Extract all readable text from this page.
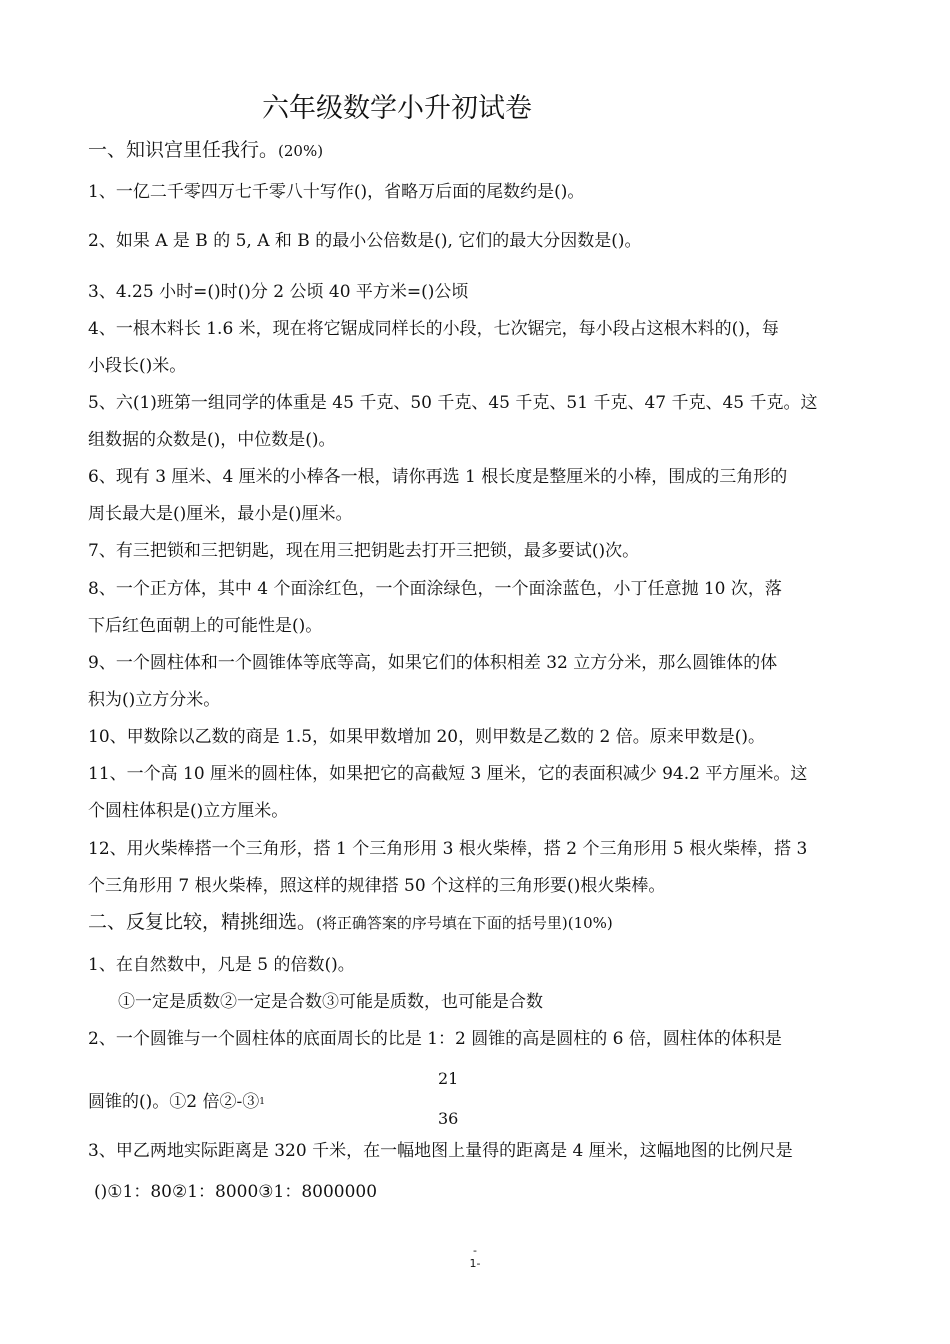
六年级数学小升初试卷
一、知识宫里任我行。(20%)
1、一亿二千零四万七千零八十写作()，省略万后面的尾数约是()。
2、如果 A 是 B 的 5, A 和 B 的最小公倍数是(), 它们的最大分因数是()。
3、4.25 小时=()时()分 2 公顷 40 平方米=()公顷
4、一根木料长 1.6 米，现在将它锯成同样长的小段，七次锯完，每小段占这根木料的()，每
小段长()米。
5、六(1)班第一组同学的体重是 45 千克、50 千克、45 千克、51 千克、47 千克、45 千克。这
组数据的众数是()，中位数是()。
6、现有 3 厘米、4 厘米的小棒各一根，请你再选 1 根长度是整厘米的小棒，围成的三角形的
周长最大是()厘米，最小是()厘米。
7、有三把锁和三把钥匙，现在用三把钥匙去打开三把锁，最多要试()次。
8、一个正方体，其中 4 个面涂红色，一个面涂绿色，一个面涂蓝色，小丁任意抛 10 次，落
下后红色面朝上的可能性是()。
9、一个圆柱体和一个圆锥体等底等高，如果它们的体积相差 32 立方分米，那么圆锥体的体
积为()立方分米。
10、甲数除以乙数的商是 1.5，如果甲数增加 20，则甲数是乙数的 2 倍。原来甲数是()。
11、一个高 10 厘米的圆柱体，如果把它的高截短 3 厘米，它的表面积减少 94.2 平方厘米。这
个圆柱体积是()立方厘米。
12、用火柴棒搭一个三角形，搭 1 个三角形用 3 根火柴棒，搭 2 个三角形用 5 根火柴棒，搭 3
个三角形用 7 根火柴棒，照这样的规律搭 50 个这样的三角形要()根火柴棒。
二、反复比较，精挑细选。(将正确答案的序号填在下面的括号里)(10%)
1、在自然数中，凡是 5 的倍数()。
①一定是质数②一定是合数③可能是质数，也可能是合数
2、一个圆锥与一个圆柱体的底面周长的比是 1：2 圆锥的高是圆柱的 6 倍，圆柱体的体积是
21
圆锥的()。①2 倍②-③$^1$
36
3、甲乙两地实际距离是 320 千米，在一幅地图上量得的距离是 4 厘米，这幅地图的比例尺是
()①1：80②1：8000③1：8000000
-
1-
